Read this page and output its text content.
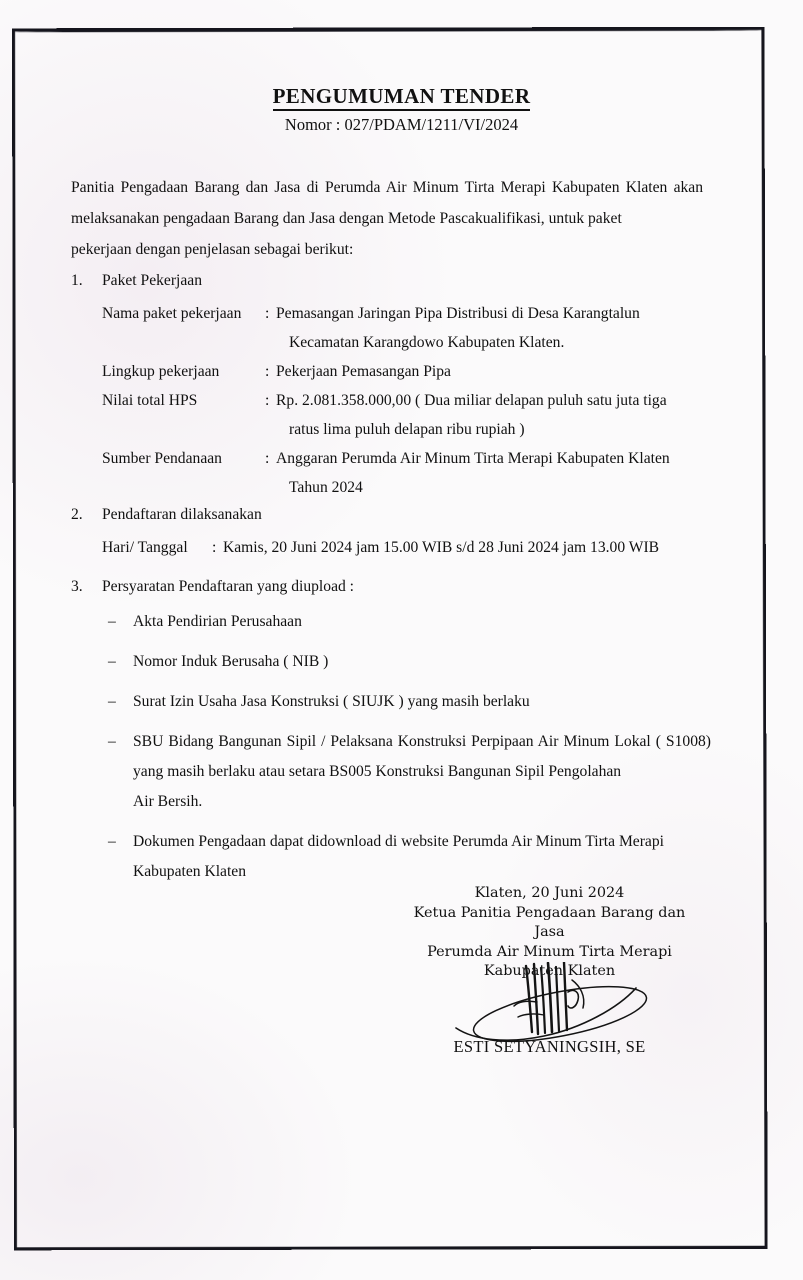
PENGUMUMAN TENDER
Nomor : 027/PDAM/1211/VI/2024
Panitia Pengadaan Barang dan Jasa di Perumda Air Minum Tirta Merapi Kabupaten Klaten akan melaksanakan pengadaan Barang dan Jasa dengan Metode Pascakualifikasi, untuk paket
pekerjaan dengan penjelasan sebagai berikut:
1. Paket Pekerjaan
Nama paket pekerjaan	: Pemasangan Jaringan Pipa Distribusi di Desa Karangtalun
Kecamatan Karangdowo Kabupaten Klaten.
Lingkup pekerjaan	: Pekerjaan Pemasangan Pipa
Nilai total HPS	: Rp. 2.081.358.000,00 ( Dua miliar delapan puluh satu juta tiga
ratus lima puluh delapan ribu rupiah )
Sumber Pendanaan	: Anggaran Perumda Air Minum Tirta Merapi Kabupaten Klaten
Tahun 2024
2. Pendaftaran dilaksanakan
Hari/ Tanggal	: Kamis, 20 Juni 2024 jam 15.00 WIB s/d 28 Juni 2024 jam 13.00 WIB
3. Persyaratan Pendaftaran yang diupload :
–	Akta Pendirian Perusahaan
–	Nomor Induk Berusaha ( NIB )
–	Surat Izin Usaha Jasa Konstruksi ( SIUJK ) yang masih berlaku
–	SBU Bidang Bangunan Sipil / Pelaksana Konstruksi Perpipaan Air Minum Lokal ( S1008) yang masih berlaku atau setara BS005 Konstruksi Bangunan Sipil Pengolahan
Air Bersih.
–	Dokumen Pengadaan dapat didownload di website Perumda Air Minum Tirta Merapi
Kabupaten Klaten
Klaten, 20 Juni 2024
Ketua Panitia Pengadaan Barang dan Jasa
Perumda Air Minum Tirta Merapi
Kabupaten Klaten
ESTI SETYANINGSIH, SE
